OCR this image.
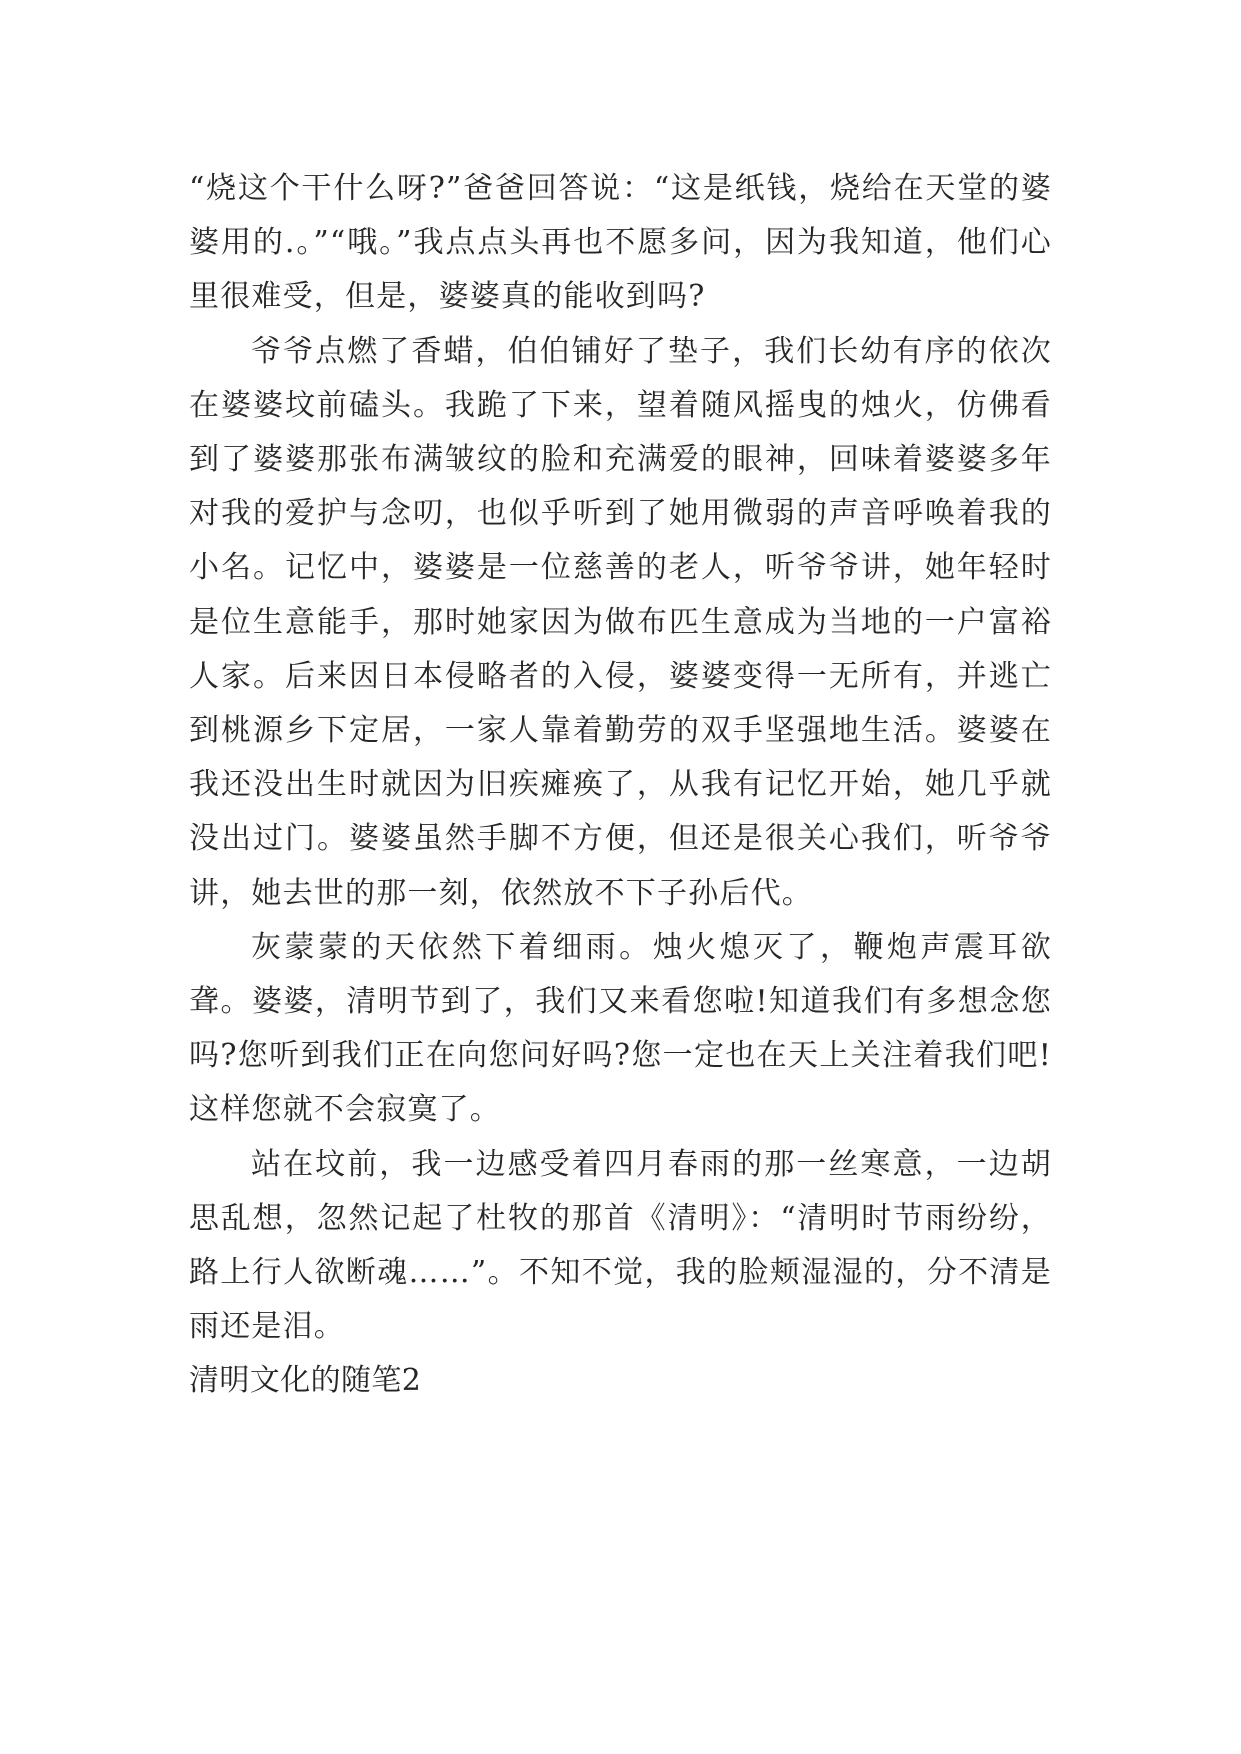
“烧这个干什么呀?”爸爸回答说：“这是纸钱，烧给在天堂的婆婆用的.。”“哦。”我点点头再也不愿多问，因为我知道，他们心里很难受，但是，婆婆真的能收到吗?

爷爷点燃了香蜡，伯伯铺好了垫子，我们长幼有序的依次在婆婆坟前磕头。我跪了下来，望着随风摇曳的烛火，仿佛看到了婆婆那张布满皱纹的脸和充满爱的眼神，回味着婆婆多年对我的爱护与念叨，也似乎听到了她用微弱的声音呼唤着我的小名。记忆中，婆婆是一位慈善的老人，听爷爷讲，她年轻时是位生意能手，那时她家因为做布匹生意成为当地的一户富裕人家。后来因日本侵略者的入侵，婆婆变得一无所有，并逃亡到桃源乡下定居，一家人靠着勤劳的双手坚强地生活。婆婆在我还没出生时就因为旧疾瘫痪了，从我有记忆开始，她几乎就没出过门。婆婆虽然手脚不方便，但还是很关心我们，听爷爷讲，她去世的那一刻，依然放不下子孙后代。

灰蒙蒙的天依然下着细雨。烛火熄灭了，鞭炮声震耳欲聋。婆婆，清明节到了，我们又来看您啦!知道我们有多想念您吗?您听到我们正在向您问好吗?您一定也在天上关注着我们吧!这样您就不会寂寞了。

站在坟前，我一边感受着四月春雨的那一丝寒意，一边胡思乱想，忽然记起了杜牧的那首《清明》：“清明时节雨纷纷，路上行人欲断魂……”。不知不觉，我的脸颊湿湿的，分不清是雨还是泪。

清明文化的随笔2
